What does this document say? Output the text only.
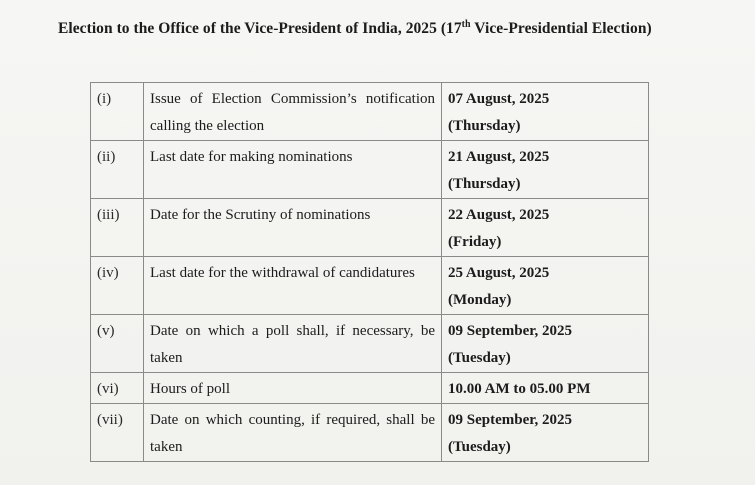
Election to the Office of the Vice-President of India, 2025 (17th Vice-Presidential Election)
(i)	Issue of Election Commission’s notification calling the election	07 August, 2025
(Thursday)

(ii)	Last date for making nominations	21 August, 2025
(Thursday)

(iii)	Date for the Scrutiny of nominations	22 August, 2025
(Friday)

(iv)	Last date for the withdrawal of candidatures	25 August, 2025
(Monday)

(v)	Date on which a poll shall, if necessary, be taken	09 September, 2025
(Tuesday)

(vi)	Hours of poll	10.00 AM to 05.00 PM

(vii)	Date on which counting, if required, shall be taken	09 September, 2025
(Tuesday)
